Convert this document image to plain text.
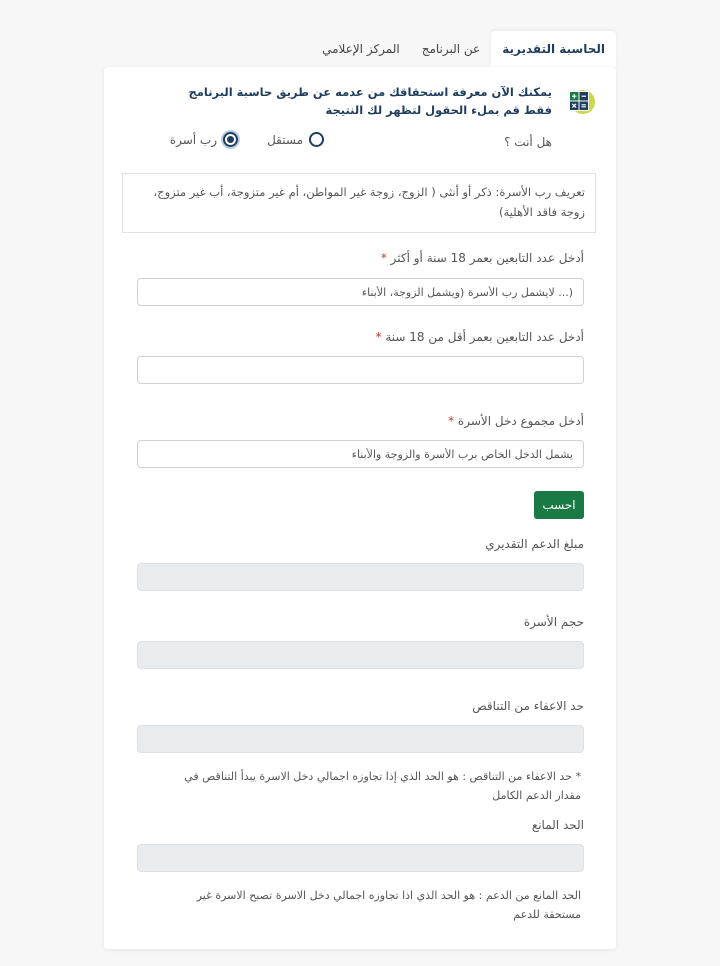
الحاسبة التقديرية
عن البرنامج
المركز الإعلامي
يمكنك الآن معرفة استحقاقك من عدمه عن طريق حاسبة البرنامج فقط قم بملء الحقول لتظهر لك النتيجة
هل أنت ؟
مستقل
رب أسرة
تعريف رب الأسرة: ذكر أو أنثى ( الزوج، زوجة غير المواطن، أم غير متزوجة، أب غير متزوج، زوجة فاقد الأهلية)
أدخل عدد التابعين بعمر 18 سنة أو أكثر *
(... لايشمل رب الأسرة (ويشمل الزوجة، الأبناء
أدخل عدد التابعين بعمر أقل من 18 سنة *
أدخل مجموع دخل الأسرة *
يشمل الدخل الخاص برب الأسرة والزوجة والأبناء
احسب
مبلغ الدعم التقديري
حجم الأسرة
حد الاعفاء من التناقص
* حد الاعفاء من التناقص : هو الحد الذي إذا تجاوزه اجمالي دخل الاسرة يبدأ التناقص في مقدار الدعم الكامل
الحد المانع
الحد المانع من الدعم : هو الحد الذي اذا تجاوزه اجمالي دخل الاسرة تصبح الاسرة غير مستحقة للدعم
